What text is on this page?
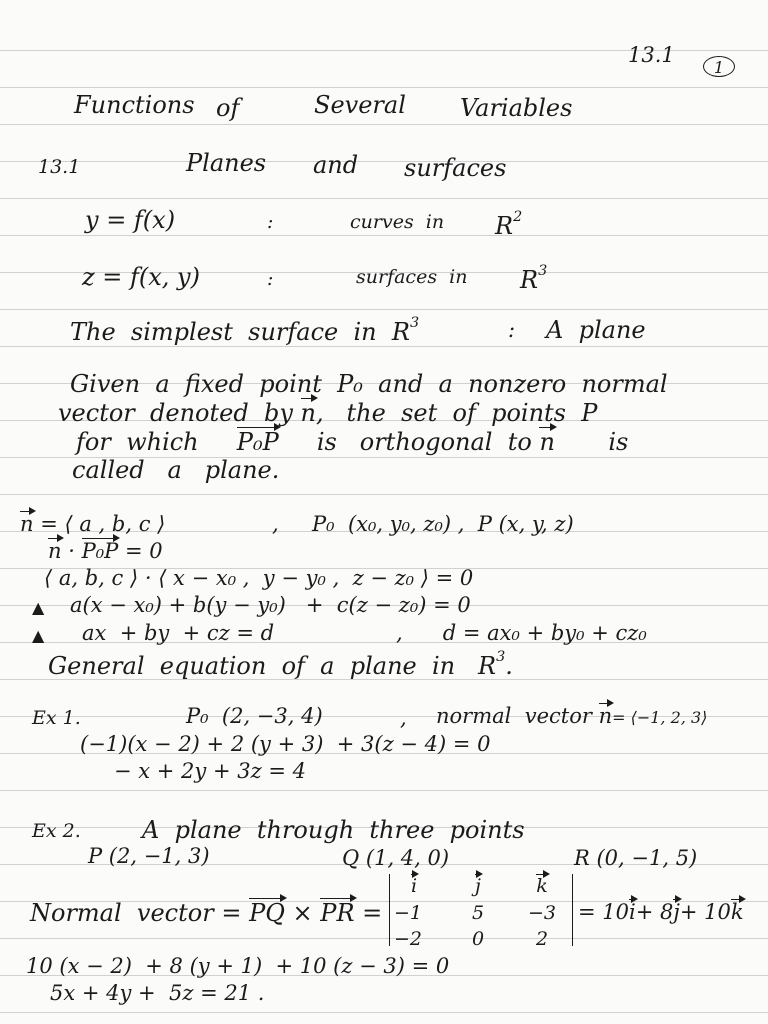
13.1
1
Functions of	Several Variables
13.1	Planes and surfaces
y = f(x)	:	curves  in $R^2$
z = f(x, y)	:	surfaces  in $R^3$
The  simplest  surface  in $R^3$	: A  plane
Given  a  fixed  point  P₀  and  a  nonzero  normal
vector  denoted  by n,   the  set  of  points  P
for  which P₀P is   orthogonal  to n is
called   a   plane.
n = ⟨ a , b, c ⟩	,     P₀  (x₀, y₀, z₀) ,  P (x, y, z)
n · P₀P = 0
⟨ a, b, c ⟩ · ⟨ x − x₀ ,  y − y₀ ,  z − z₀ ⟩ = 0
▲ a(x − x₀) + b(y − y₀)   +  c(z − z₀) = 0
▲ ax  + by  + cz = d	,      d = ax₀ + by₀ + cz₀
General  equation  of  a  plane  in $R^3$.
Ex 1.	P₀  (2, −3, 4)	, normal  vector n= ⟨−1, 2, 3⟩
(−1)(x − 2) + 2 (y + 3)  + 3(z − 4) = 0
− x + 2y + 3z = 4
Ex 2.	A  plane  through  three  points
P (2, −1, 3)	Q (1, 4, 0)	R (0, −1, 5)
Normal  vector = PQ × PR =
i	j	k
−1	5	−3
−2	0	2
= 10i+ 8j+ 10k
10 (x − 2)  + 8 (y + 1)  + 10 (z − 3) = 0
5x + 4y +  5z = 21 .
